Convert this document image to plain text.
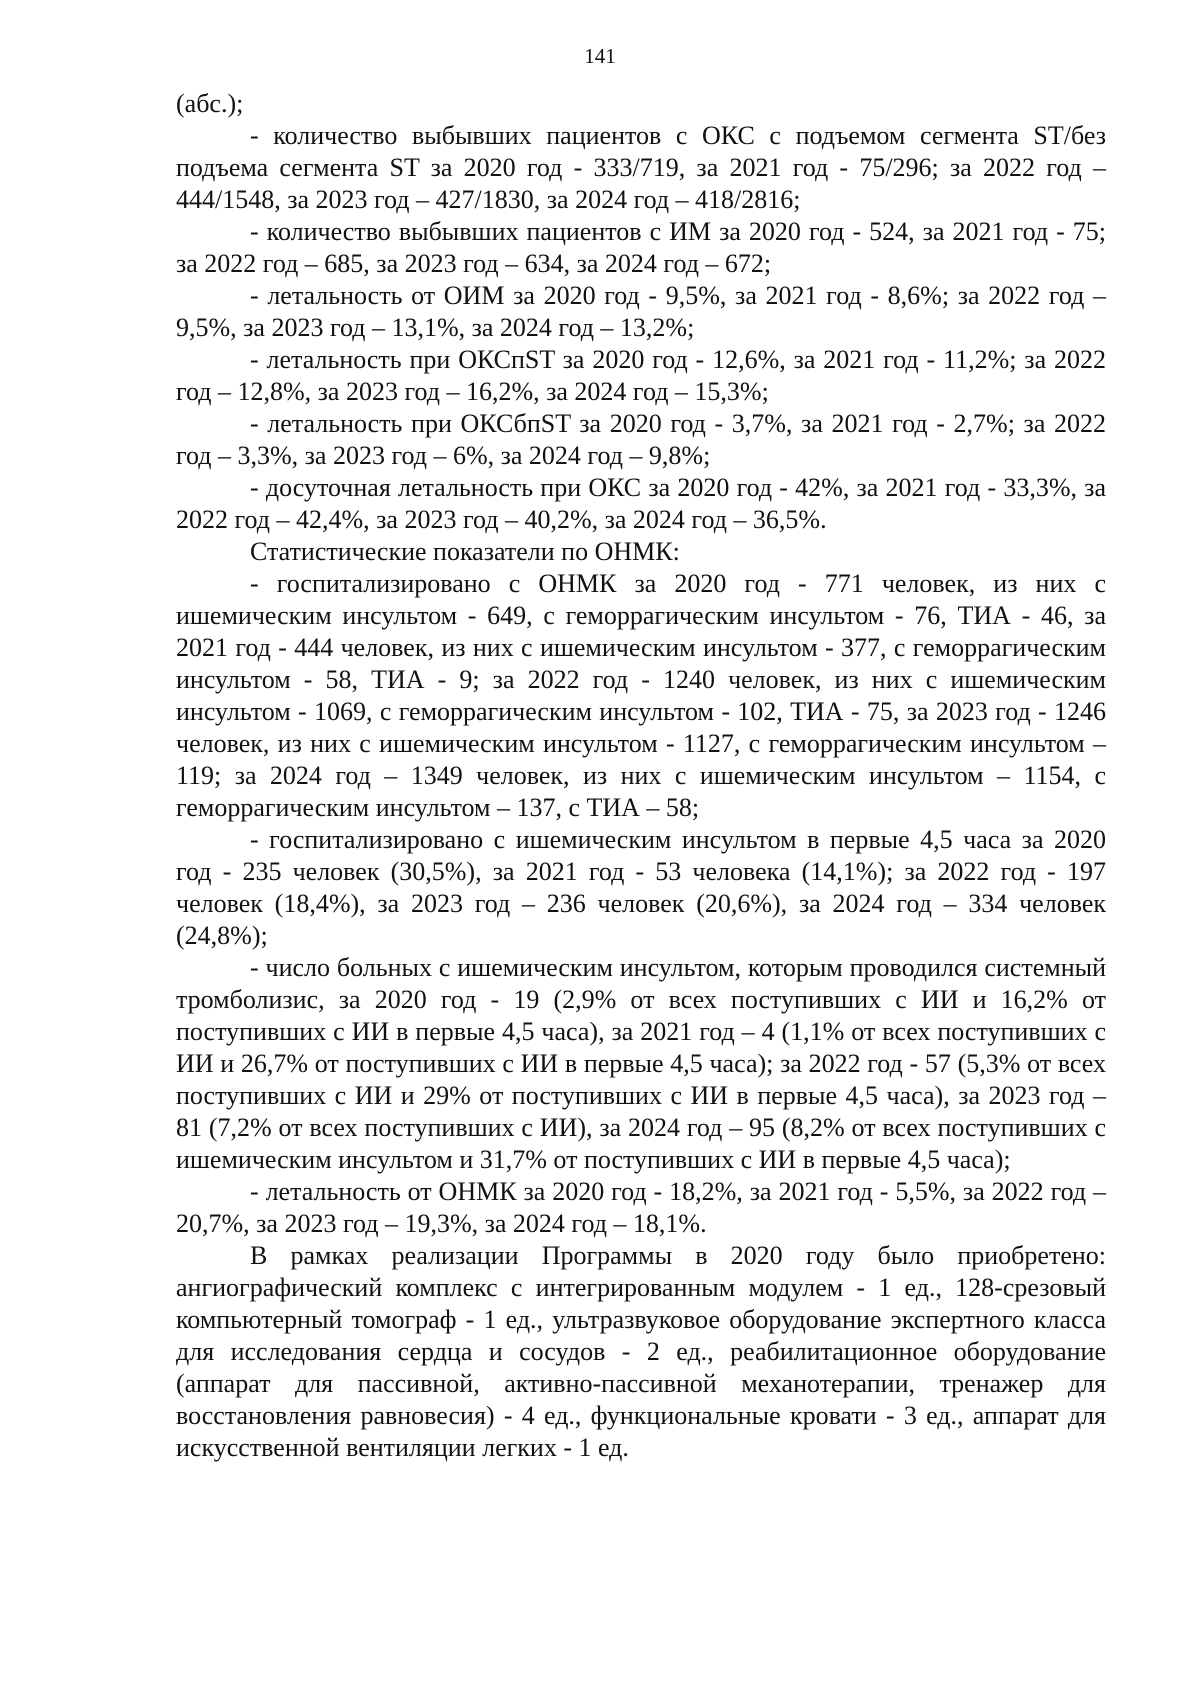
141

(абс.);

- количество выбывших пациентов с ОКС с подъемом сегмента ST/без подъема сегмента ST за 2020 год - 333/719, за 2021 год - 75/296; за 2022 год – 444/1548, за 2023 год – 427/1830, за 2024 год – 418/2816;

- количество выбывших пациентов с ИМ за 2020 год - 524, за 2021 год - 75; за 2022 год – 685, за 2023 год – 634, за 2024 год – 672;

- летальность от ОИМ за 2020 год - 9,5%, за 2021 год - 8,6%; за 2022 год – 9,5%, за 2023 год – 13,1%, за 2024 год – 13,2%;

- летальность при ОКСпST за 2020 год - 12,6%, за 2021 год - 11,2%; за 2022 год – 12,8%, за 2023 год – 16,2%, за 2024 год – 15,3%;

- летальность при ОКСбпST за 2020 год - 3,7%, за 2021 год - 2,7%; за 2022 год – 3,3%, за 2023 год – 6%, за 2024 год – 9,8%;

- досуточная летальность при ОКС за 2020 год - 42%, за 2021 год - 33,3%, за 2022 год – 42,4%, за 2023 год – 40,2%, за 2024 год – 36,5%.

Статистические показатели по ОНМК:

- госпитализировано с ОНМК за 2020 год - 771 человек, из них с ишемическим инсультом - 649, с геморрагическим инсультом - 76, ТИА - 46, за 2021 год - 444 человек, из них с ишемическим инсультом - 377, с геморрагическим инсультом - 58, ТИА - 9; за 2022 год - 1240 человек, из них с ишемическим инсультом - 1069, с геморрагическим инсультом - 102, ТИА - 75, за 2023 год - 1246 человек, из них с ишемическим инсультом - 1127, с геморрагическим инсультом – 119; за 2024 год – 1349 человек, из них с ишемическим инсультом – 1154, с геморрагическим инсультом – 137, с ТИА – 58;

- госпитализировано с ишемическим инсультом в первые 4,5 часа за 2020 год - 235 человек (30,5%), за 2021 год - 53 человека (14,1%); за 2022 год - 197 человек (18,4%), за 2023 год – 236 человек (20,6%), за 2024 год – 334 человек (24,8%);

- число больных с ишемическим инсультом, которым проводился системный тромболизис, за 2020 год - 19 (2,9% от всех поступивших с ИИ и 16,2% от поступивших с ИИ в первые 4,5 часа), за 2021 год – 4 (1,1% от всех поступивших с ИИ и 26,7% от поступивших с ИИ в первые 4,5 часа); за 2022 год - 57 (5,3% от всех поступивших с ИИ и 29% от поступивших с ИИ в первые 4,5 часа), за 2023 год – 81 (7,2% от всех поступивших с ИИ), за 2024 год – 95 (8,2% от всех поступивших с ишемическим инсультом и 31,7% от поступивших с ИИ в первые 4,5 часа);

- летальность от ОНМК за 2020 год - 18,2%, за 2021 год - 5,5%, за 2022 год – 20,7%, за 2023 год – 19,3%, за 2024 год – 18,1%.

В рамках реализации Программы в 2020 году было приобретено: ангиографический комплекс с интегрированным модулем - 1 ед., 128-срезовый компьютерный томограф - 1 ед., ультразвуковое оборудование экспертного класса для исследования сердца и сосудов - 2 ед., реабилитационное оборудование (аппарат для пассивной, активно-пассивной механотерапии, тренажер для восстановления равновесия) - 4 ед., функциональные кровати - 3 ед., аппарат для искусственной вентиляции легких - 1 ед.
